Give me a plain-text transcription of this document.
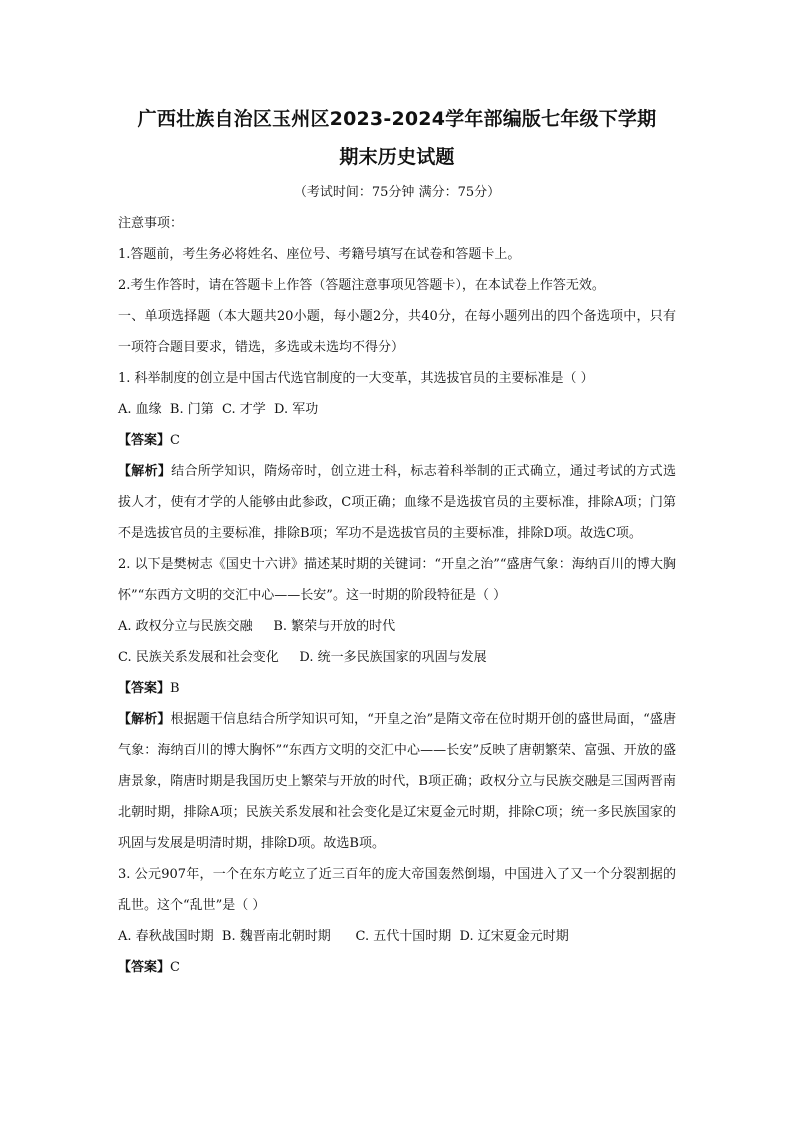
广西壮族自治区玉州区2023-2024学年部编版七年级下学期
期末历史试题

（考试时间：75分钟 满分：75分）

注意事项：

1.答题前，考生务必将姓名、座位号、考籍号填写在试卷和答题卡上。

2.考生作答时，请在答题卡上作答（答题注意事项见答题卡），在本试卷上作答无效。

一、单项选择题（本大题共20小题，每小题2分，共40分，在每小题列出的四个备选项中，只有一项符合题目要求，错选，多选或未选均不得分）

1. 科举制度的创立是中国古代选官制度的一大变革，其选拔官员的主要标准是（ ）

A. 血缘  B. 门第  C. 才学  D. 军功

【答案】C

【解析】结合所学知识，隋炀帝时，创立进士科，标志着科举制的正式确立，通过考试的方式选拔人才，使有才学的人能够由此参政，C项正确；血缘不是选拔官员的主要标准，排除A项；门第不是选拔官员的主要标准，排除B项；军功不是选拔官员的主要标准，排除D项。故选C项。

2. 以下是樊树志《国史十六讲》描述某时期的关键词：“开皇之治”“盛唐气象：海纳百川的博大胸怀”“东西方文明的交汇中心——长安”。这一时期的阶段特征是（ ）

A. 政权分立与民族交融     B. 繁荣与开放的时代

C. 民族关系发展和社会变化     D. 统一多民族国家的巩固与发展

【答案】B

【解析】根据题干信息结合所学知识可知，“开皇之治”是隋文帝在位时期开创的盛世局面，“盛唐气象：海纳百川的博大胸怀”“东西方文明的交汇中心——长安”反映了唐朝繁荣、富强、开放的盛唐景象，隋唐时期是我国历史上繁荣与开放的时代，B项正确；政权分立与民族交融是三国两晋南北朝时期，排除A项；民族关系发展和社会变化是辽宋夏金元时期，排除C项；统一多民族国家的巩固与发展是明清时期，排除D项。故选B项。

3. 公元907年，一个在东方屹立了近三百年的庞大帝国轰然倒塌，中国进入了又一个分裂割据的乱世。这个“乱世”是（ ）

A. 春秋战国时期  B. 魏晋南北朝时期      C. 五代十国时期  D. 辽宋夏金元时期

【答案】C
